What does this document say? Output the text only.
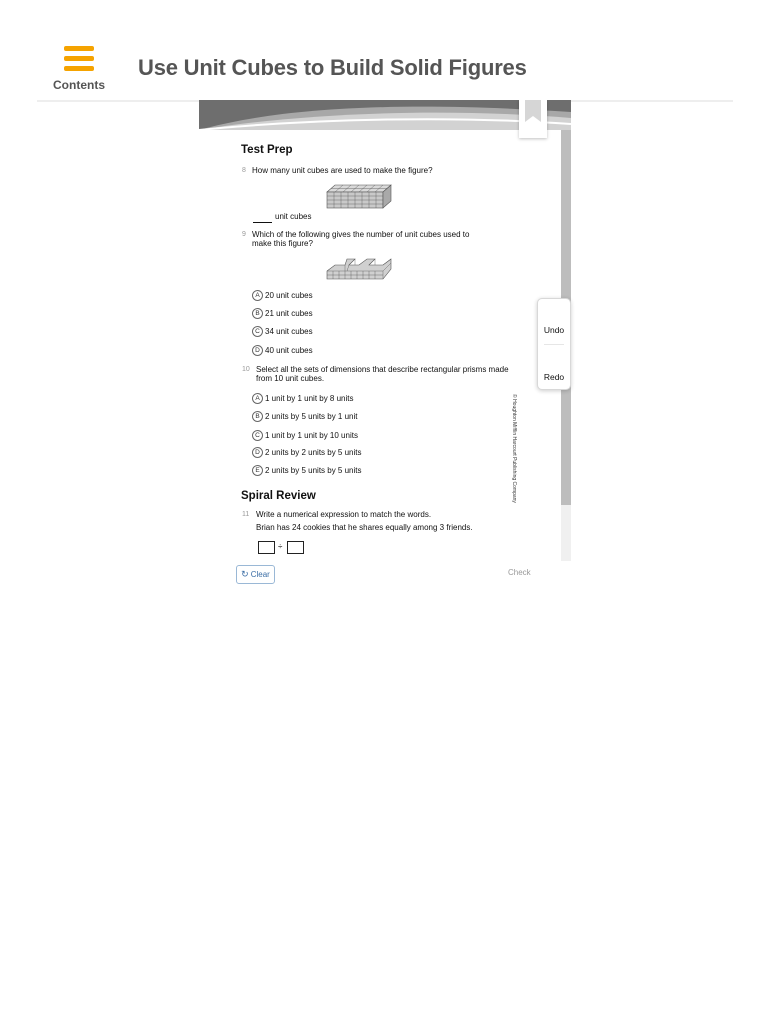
Contents
Use Unit Cubes to Build Solid Figures
Test Prep
8 How many unit cubes are used to make the figure?
unit cubes
9 Which of the following gives the number of unit cubes used to
make this figure?
A 20 unit cubes
B 21 unit cubes
C 34 unit cubes
D 40 unit cubes
10 Select all the sets of dimensions that describe rectangular prisms made
from 10 unit cubes.
A 1 unit by 1 unit by 8 units
B 2 units by 5 units by 1 unit
C 1 unit by 1 unit by 10 units
D 2 units by 2 units by 5 units
E 2 units by 5 units by 5 units
Spiral Review
11 Write a numerical expression to match the words.
Brian has 24 cookies that he shares equally among 3 friends.
÷
© Houghton Mifflin Harcourt Publishing Company
Undo
Redo
↻ Clear	Check
